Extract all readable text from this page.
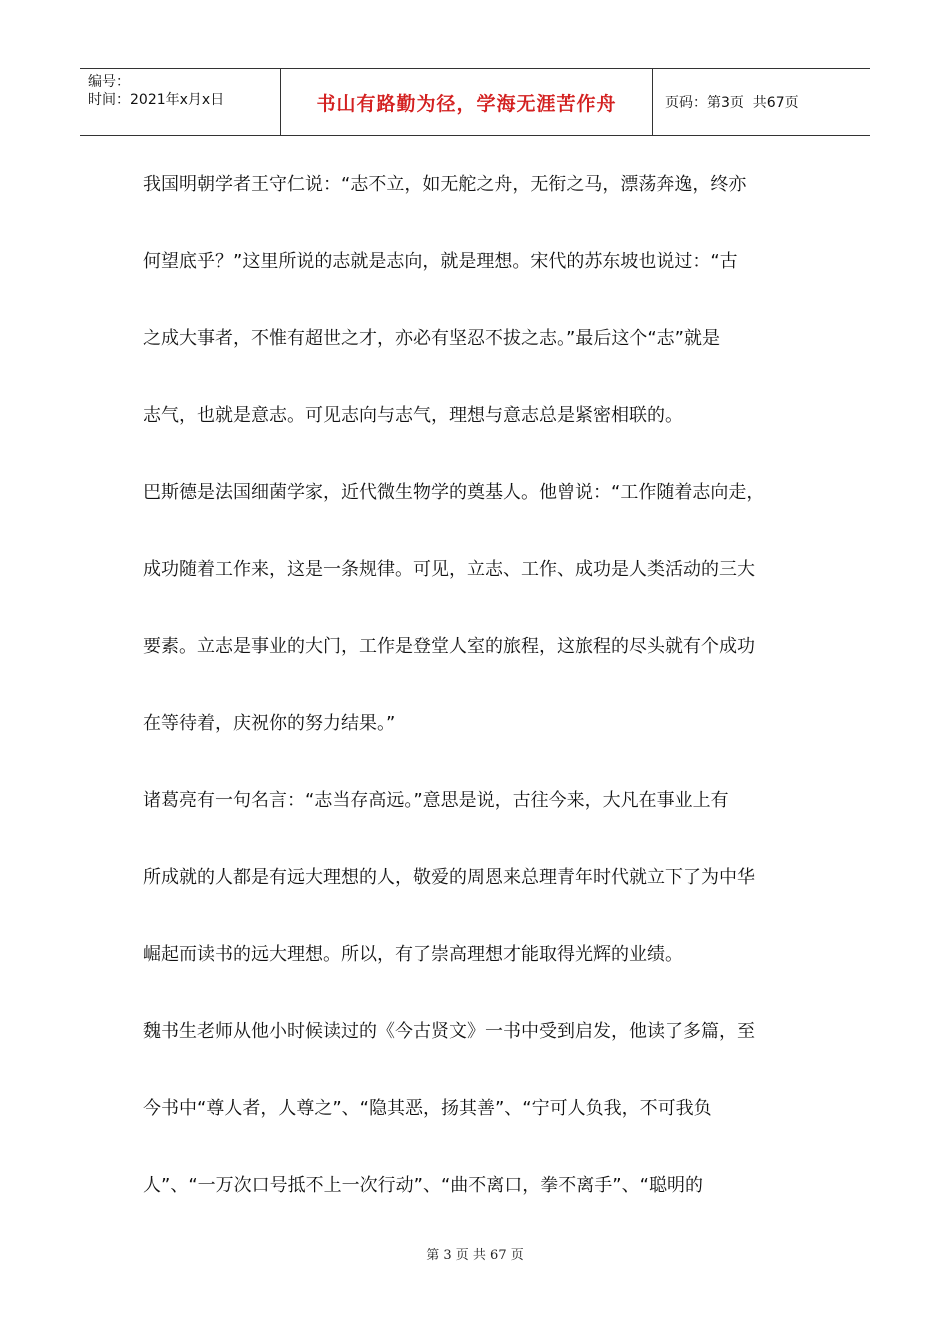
编号：
时间：2021年x月x日	书山有路勤为径，学海无涯苦作舟	页码：第3页  共67页

我国明朝学者王守仁说：“志不立，如无舵之舟，无衔之马，漂荡奔逸，终亦

何望底乎？”这里所说的志就是志向，就是理想。宋代的苏东坡也说过：“古

之成大事者，不惟有超世之才，亦必有坚忍不拔之志。”最后这个“志”就是

志气，也就是意志。可见志向与志气，理想与意志总是紧密相联的。

巴斯德是法国细菌学家，近代微生物学的奠基人。他曾说：“工作随着志向走，

成功随着工作来，这是一条规律。可见，立志、工作、成功是人类活动的三大

要素。立志是事业的大门，工作是登堂人室的旅程，这旅程的尽头就有个成功

在等待着，庆祝你的努力结果。”

诸葛亮有一句名言：“志当存高远。”意思是说，古往今来，大凡在事业上有

所成就的人都是有远大理想的人，敬爱的周恩来总理青年时代就立下了为中华

崛起而读书的远大理想。所以，有了崇高理想才能取得光辉的业绩。

魏书生老师从他小时候读过的《今古贤文》一书中受到启发，他读了多篇，至

今书中“尊人者，人尊之”、“隐其恶，扬其善”、“宁可人负我，不可我负

人”、“一万次口号抵不上一次行动”、“曲不离口，拳不离手”、“聪明的

第 3 页 共 67 页
